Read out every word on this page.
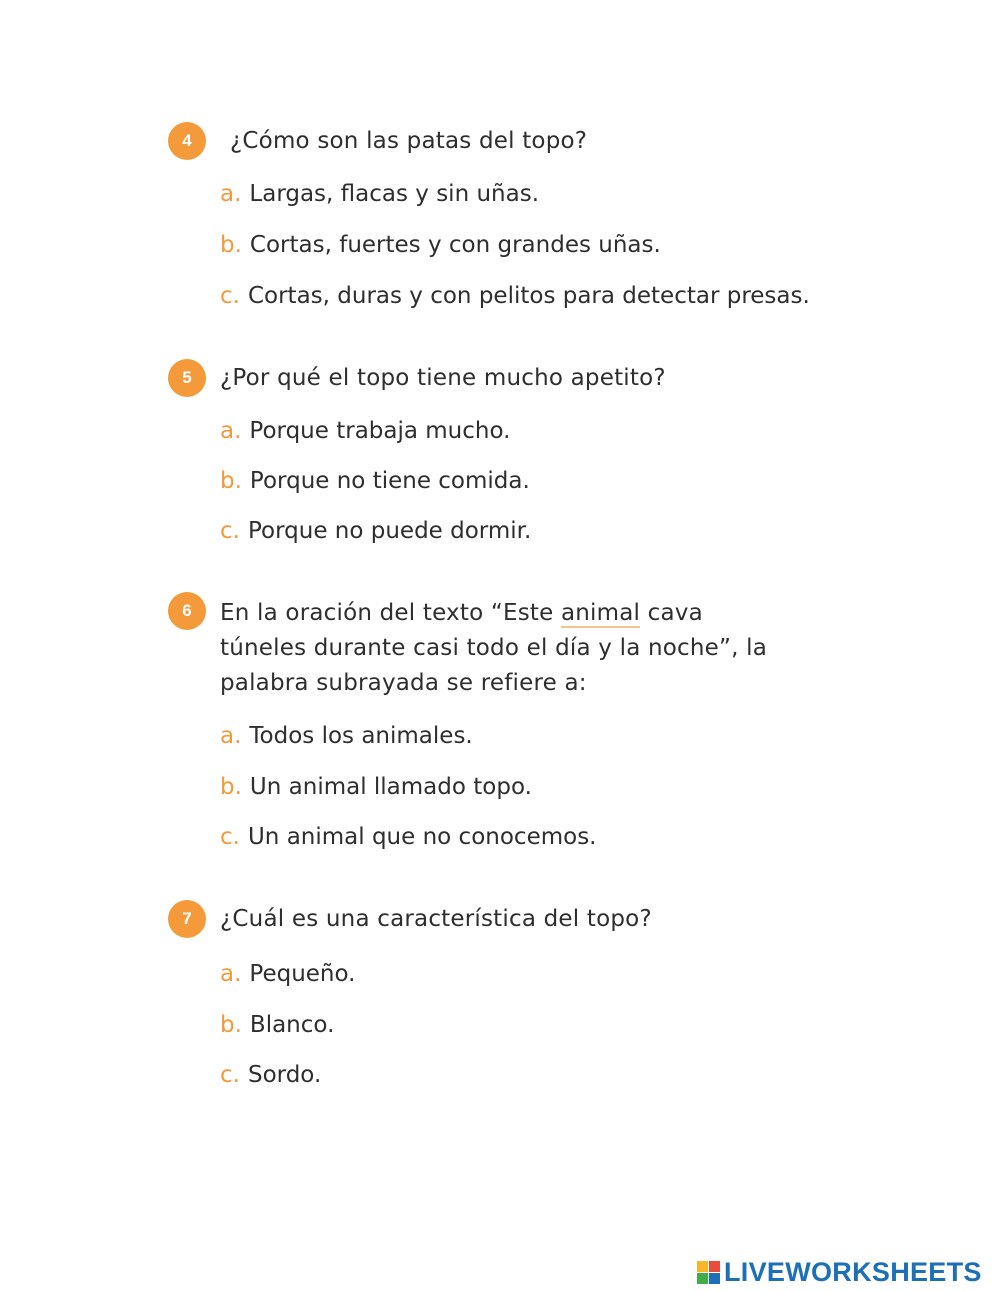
4	¿Cómo son las patas del topo?
a. Largas, flacas y sin uñas.
b. Cortas, fuertes y con grandes uñas.
c. Cortas, duras y con pelitos para detectar presas.
5	¿Por qué el topo tiene mucho apetito?
a. Porque trabaja mucho.
b. Porque no tiene comida.
c. Porque no puede dormir.
6	En la oración del texto “Este animal cava túneles durante casi todo el día y la noche”, la palabra subrayada se refiere a:
a. Todos los animales.
b. Un animal llamado topo.
c. Un animal que no conocemos.
7	¿Cuál es una característica del topo?
a. Pequeño.
b. Blanco.
c. Sordo.
LIVEWORKSHEETS
